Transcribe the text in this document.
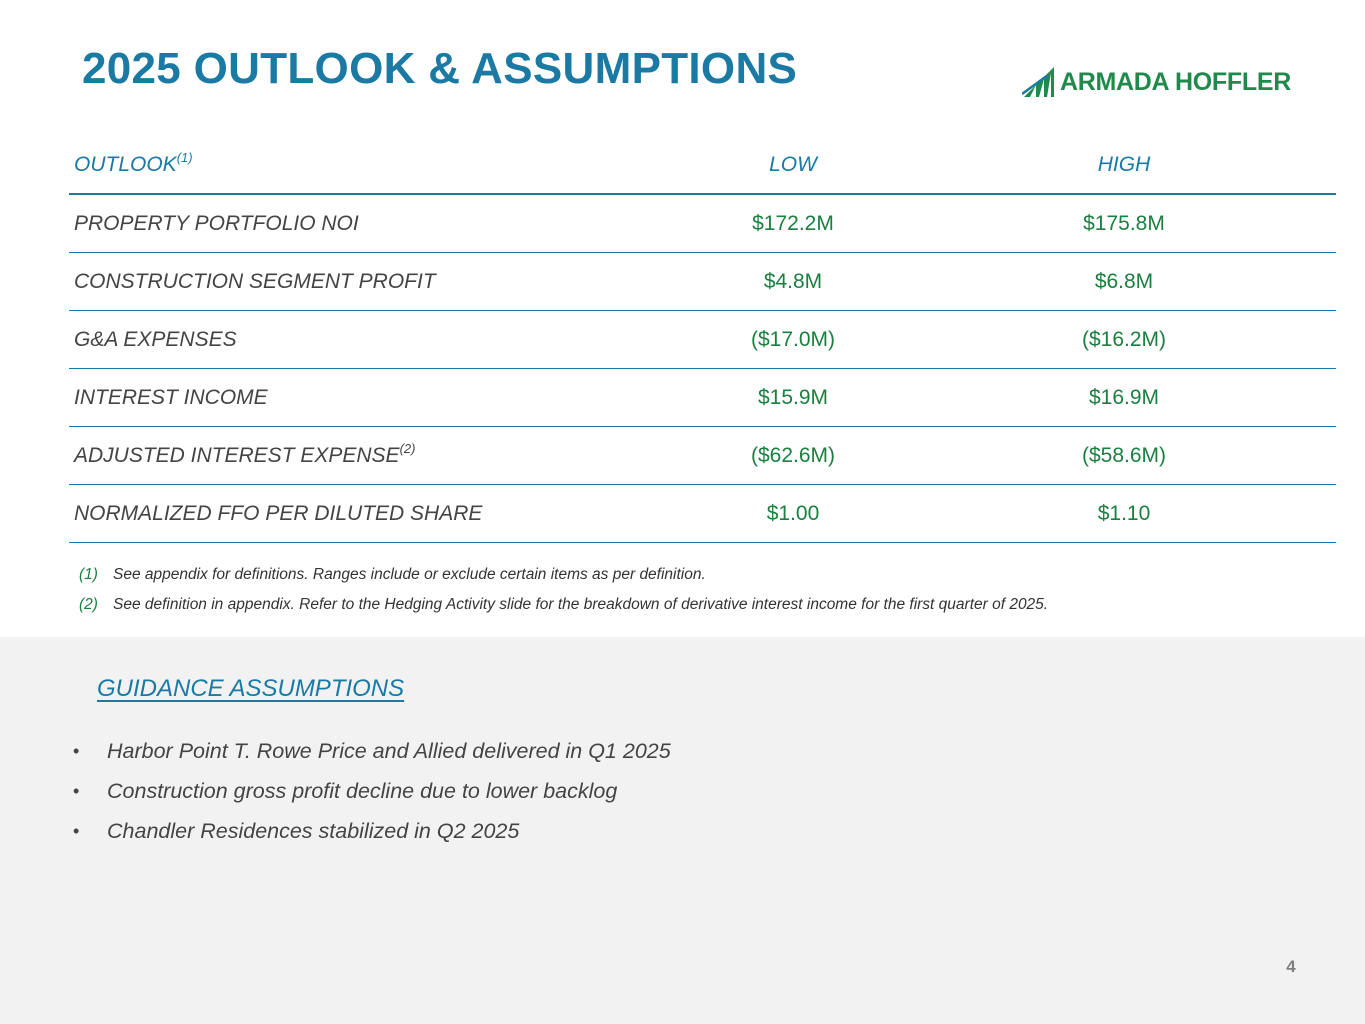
2025 OUTLOOK & ASSUMPTIONS	ARMADA HOFFLER
OUTLOOK$^{(1)}$	LOW	HIGH
PROPERTY PORTFOLIO NOI	$172.2M	$175.8M
CONSTRUCTION SEGMENT PROFIT	$4.8M	$6.8M
G&A EXPENSES	($17.0M)	($16.2M)
INTEREST INCOME	$15.9M	$16.9M
ADJUSTED INTEREST EXPENSE$^{(2)}$	($62.6M)	($58.6M)
NORMALIZED FFO PER DILUTED SHARE	$1.00	$1.10
(1) See appendix for definitions. Ranges include or exclude certain items as per definition.
(2) See definition in appendix. Refer to the Hedging Activity slide for the breakdown of derivative interest income for the first quarter of 2025.
GUIDANCE ASSUMPTIONS
•	Harbor Point T. Rowe Price and Allied delivered in Q1 2025
•	Construction gross profit decline due to lower backlog
•	Chandler Residences stabilized in Q2 2025
4
